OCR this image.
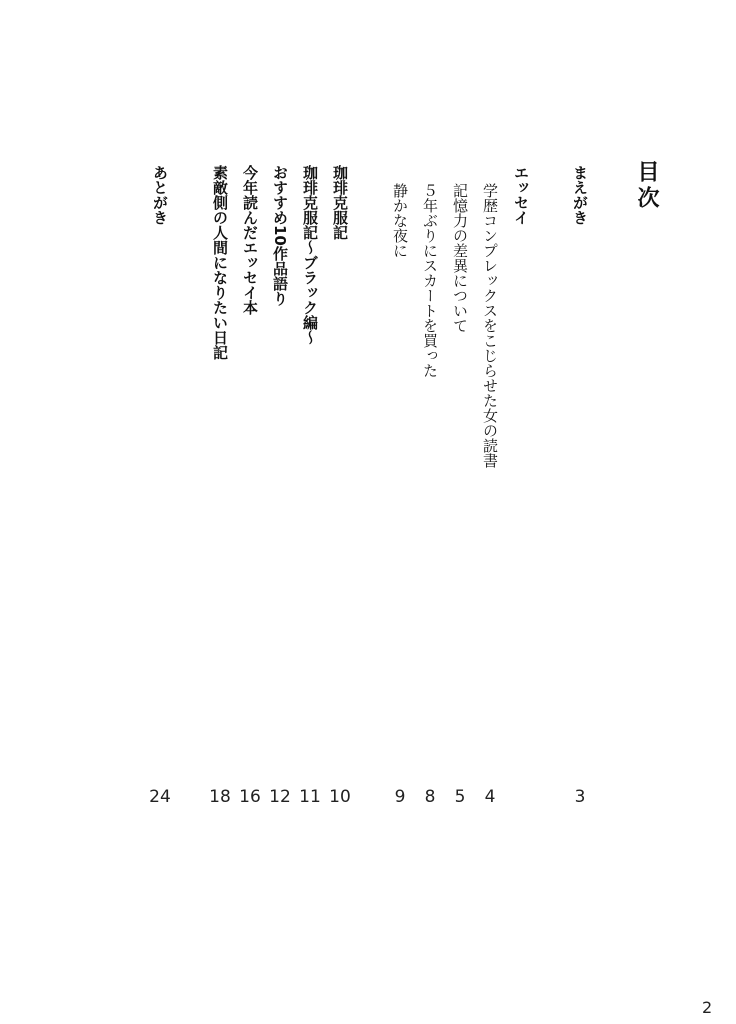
目次
まえがき
3
エッセイ
学歴コンプレックスをこじらせた女の読書
4
記憶力の差異について
5
５年ぶりにスカートを買った
8
静かな夜に
9
珈琲克服記
10
珈琲克服記～ブラック編～
11
おすすめ10作品語り
12
今年読んだエッセイ本
16
素敵側の人間になりたい日記
18
あとがき
24
2
